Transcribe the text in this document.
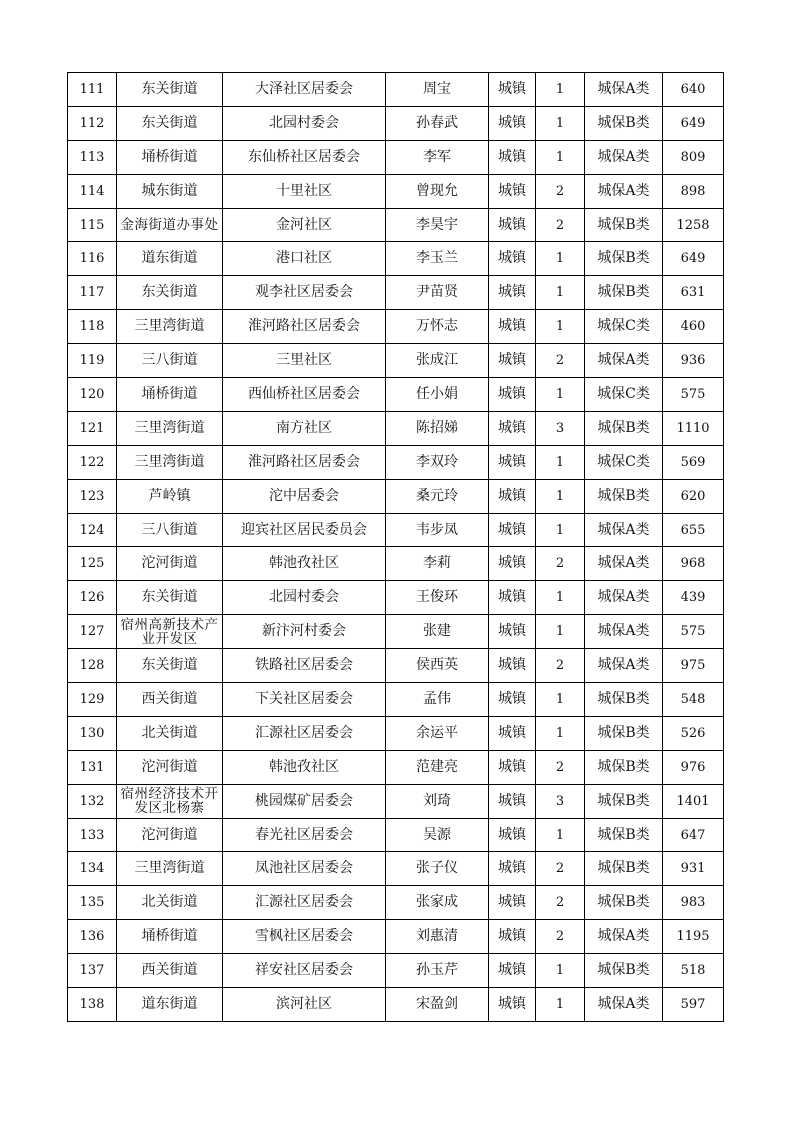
111	东关街道	大泽社区居委会	周宝	城镇	1	城保A类	640
112	东关街道	北园村委会	孙春武	城镇	1	城保B类	649
113	埇桥街道	东仙桥社区居委会	李军	城镇	1	城保A类	809
114	城东街道	十里社区	曾现允	城镇	2	城保A类	898
115	金海街道办事处	金河社区	李昊宇	城镇	2	城保B类	1258
116	道东街道	港口社区	李玉兰	城镇	1	城保B类	649
117	东关街道	观李社区居委会	尹苗贤	城镇	1	城保B类	631
118	三里湾街道	淮河路社区居委会	万怀志	城镇	1	城保C类	460
119	三八街道	三里社区	张成江	城镇	2	城保A类	936
120	埇桥街道	西仙桥社区居委会	任小娟	城镇	1	城保C类	575
121	三里湾街道	南方社区	陈招娣	城镇	3	城保B类	1110
122	三里湾街道	淮河路社区居委会	李双玲	城镇	1	城保C类	569
123	芦岭镇	沱中居委会	桑元玲	城镇	1	城保B类	620
124	三八街道	迎宾社区居民委员会	韦步凤	城镇	1	城保A类	655
125	沱河街道	韩池孜社区	李莉	城镇	2	城保A类	968
126	东关街道	北园村委会	王俊环	城镇	1	城保A类	439
127	宿州高新技术产业开发区	新汴河村委会	张建	城镇	1	城保A类	575
128	东关街道	铁路社区居委会	侯西英	城镇	2	城保A类	975
129	西关街道	下关社区居委会	孟伟	城镇	1	城保B类	548
130	北关街道	汇源社区居委会	余运平	城镇	1	城保B类	526
131	沱河街道	韩池孜社区	范建亮	城镇	2	城保B类	976
132	宿州经济技术开发区北杨寨	桃园煤矿居委会	刘琦	城镇	3	城保B类	1401
133	沱河街道	春光社区居委会	吴源	城镇	1	城保B类	647
134	三里湾街道	凤池社区居委会	张子仪	城镇	2	城保B类	931
135	北关街道	汇源社区居委会	张家成	城镇	2	城保B类	983
136	埇桥街道	雪枫社区居委会	刘惠清	城镇	2	城保A类	1195
137	西关街道	祥安社区居委会	孙玉芹	城镇	1	城保B类	518
138	道东街道	滨河社区	宋盈剑	城镇	1	城保A类	597
